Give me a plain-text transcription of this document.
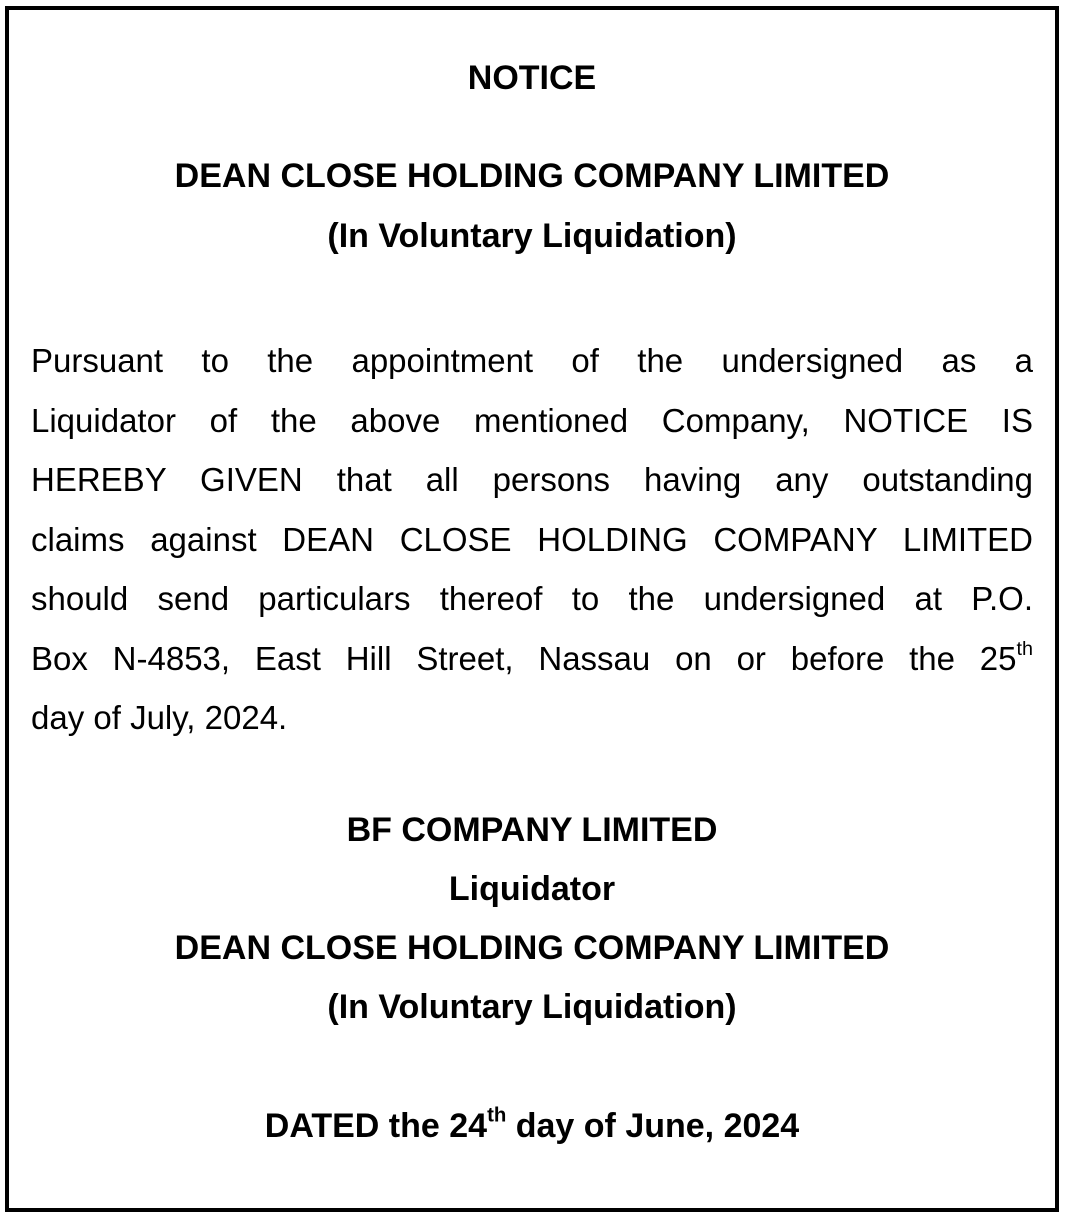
NOTICE
DEAN CLOSE HOLDING COMPANY LIMITED
(In Voluntary Liquidation)
Pursuant to the appointment of the undersigned as a
Liquidator of the above mentioned Company, NOTICE IS
HEREBY GIVEN that all persons having any outstanding
claims against DEAN CLOSE HOLDING COMPANY LIMITED
should send particulars thereof to the undersigned at P.O.
Box N-4853, East Hill Street, Nassau on or before the 25th
day of July, 2024.
BF COMPANY LIMITED
Liquidator
DEAN CLOSE HOLDING COMPANY LIMITED
(In Voluntary Liquidation)
DATED the 24th day of June, 2024
